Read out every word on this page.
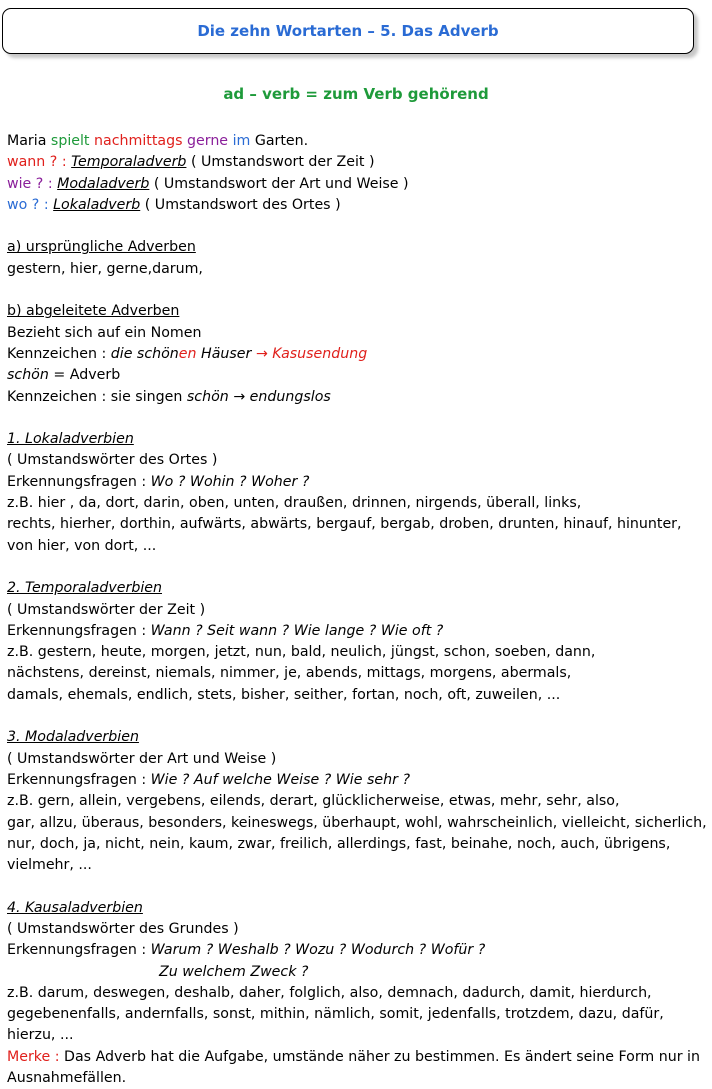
Die zehn Wortarten – 5. Das Adverb
ad – verb = zum Verb gehörend
Maria spielt nachmittags gerne im Garten.
wann ? : Temporaladverb ( Umstandswort der Zeit )
wie ? : Modaladverb ( Umstandswort der Art und Weise )
wo ? : Lokaladverb ( Umstandswort des Ortes )
a) ursprüngliche Adverben
gestern, hier, gerne,darum,
b) abgeleitete Adverben
Bezieht sich auf ein Nomen
Kennzeichen : die schönen Häuser → Kasusendung
schön = Adverb
Kennzeichen : sie singen schön → endungslos
1. Lokaladverbien
( Umstandswörter des Ortes )
Erkennungsfragen : Wo ? Wohin ? Woher ?
z.B. hier , da, dort, darin, oben, unten, draußen, drinnen, nirgends, überall, links,
rechts, hierher, dorthin, aufwärts, abwärts, bergauf, bergab, droben, drunten, hinauf, hinunter,
von hier, von dort, ...
2. Temporaladverbien
( Umstandswörter der Zeit )
Erkennungsfragen : Wann ? Seit wann ? Wie lange ? Wie oft ?
z.B. gestern, heute, morgen, jetzt, nun, bald, neulich, jüngst, schon, soeben, dann,
nächstens, dereinst, niemals, nimmer, je, abends, mittags, morgens, abermals,
damals, ehemals, endlich, stets, bisher, seither, fortan, noch, oft, zuweilen, ...
3. Modaladverbien
( Umstandswörter der Art und Weise )
Erkennungsfragen : Wie ? Auf welche Weise ? Wie sehr ?
z.B. gern, allein, vergebens, eilends, derart, glücklicherweise, etwas, mehr, sehr, also,
gar, allzu, überaus, besonders, keineswegs, überhaupt, wohl, wahrscheinlich, vielleicht, sicherlich,
nur, doch, ja, nicht, nein, kaum, zwar, freilich, allerdings, fast, beinahe, noch, auch, übrigens,
vielmehr, ...
4. Kausaladverbien
( Umstandswörter des Grundes )
Erkennungsfragen : Warum ? Weshalb ? Wozu ? Wodurch ? Wofür ?
Zu welchem Zweck ?
z.B. darum, deswegen, deshalb, daher, folglich, also, demnach, dadurch, damit, hierdurch,
gegebenenfalls, andernfalls, sonst, mithin, nämlich, somit, jedenfalls, trotzdem, dazu, dafür,
hierzu, ...
Merke : Das Adverb hat die Aufgabe, umstände näher zu bestimmen. Es ändert seine Form nur in
Ausnahmefällen.
